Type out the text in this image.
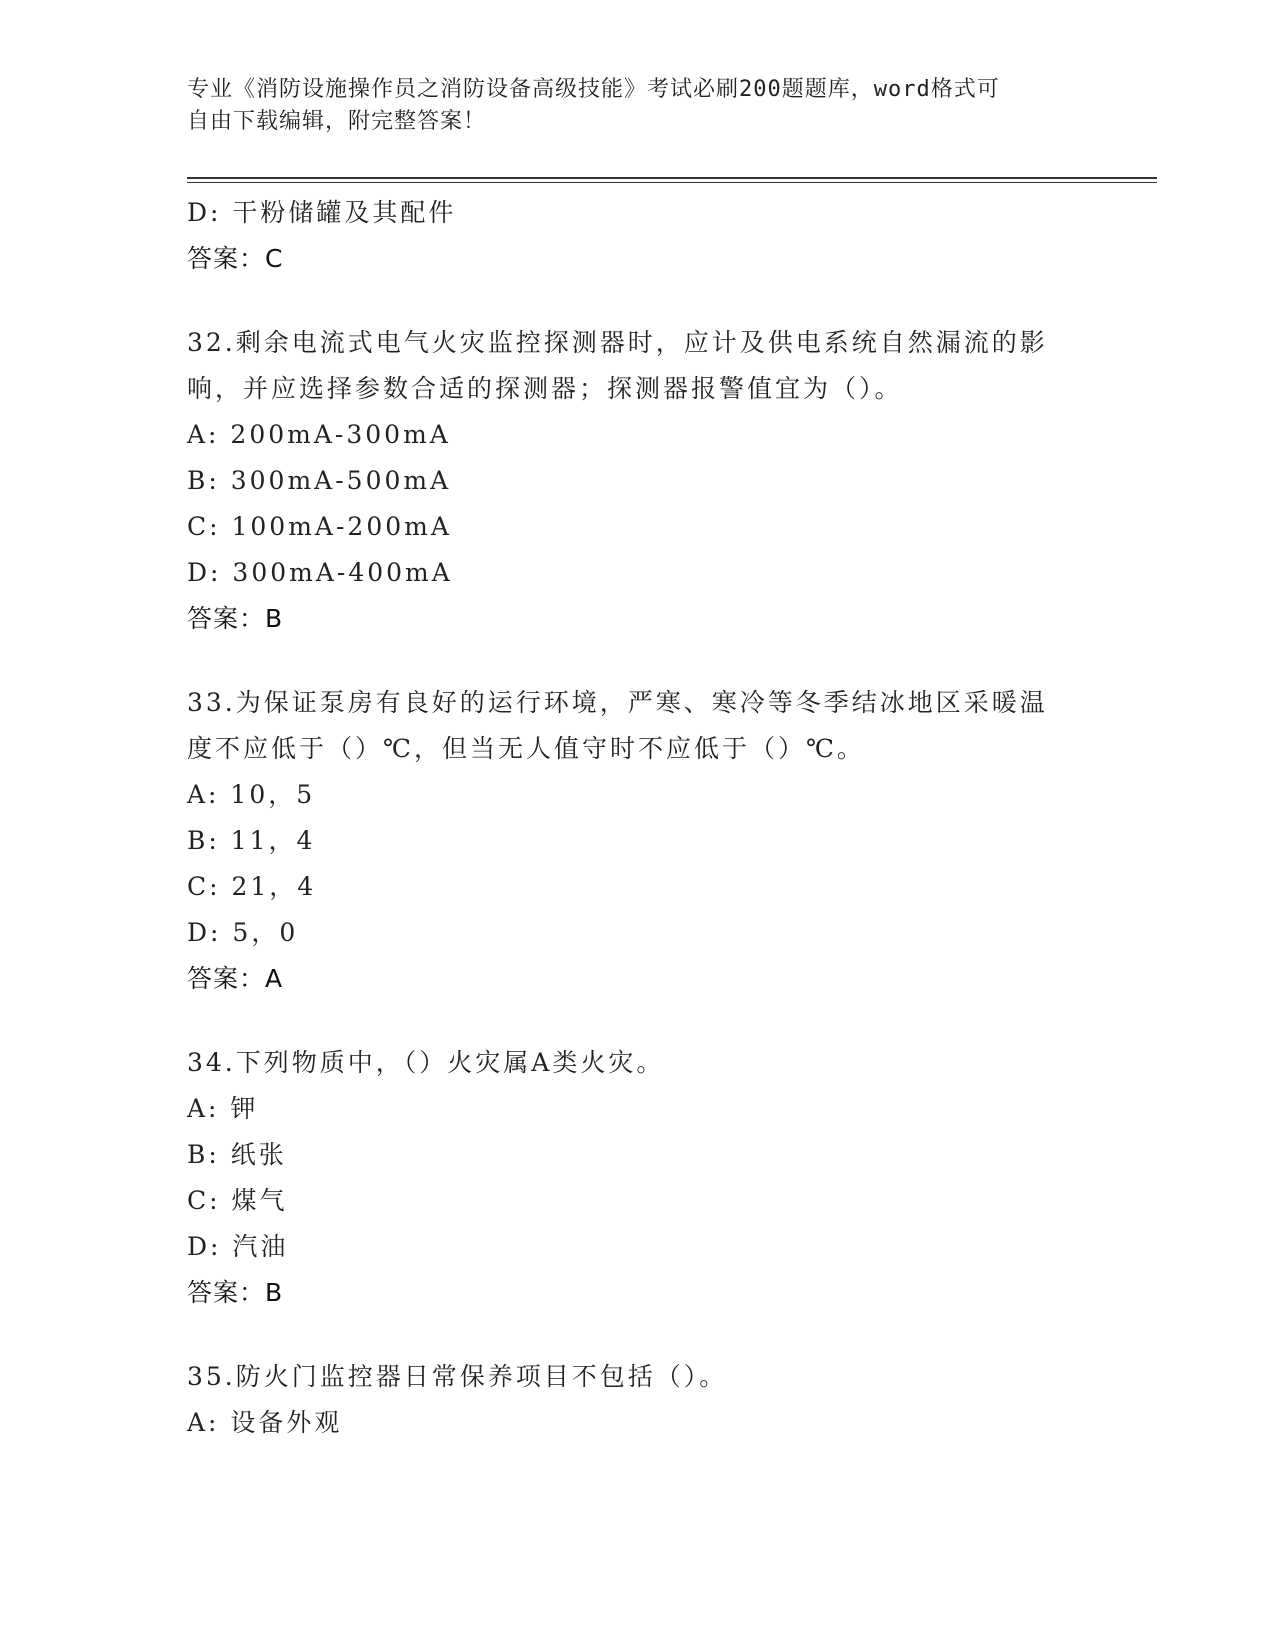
专业《消防设施操作员之消防设备高级技能》考试必刷200题题库，word格式可
自由下载编辑，附完整答案！
D: 干粉储罐及其配件
答案：C
32.剩余电流式电气火灾监控探测器时，应计及供电系统自然漏流的影
响，并应选择参数合适的探测器；探测器报警值宜为（）。
A: 200mA-300mA
B: 300mA-500mA
C: 100mA-200mA
D: 300mA-400mA
答案：B
33.为保证泵房有良好的运行环境，严寒、寒冷等冬季结冰地区采暖温
度不应低于（）℃，但当无人值守时不应低于（）℃。
A: 10，5
B: 11，4
C: 21，4
D: 5，0
答案：A
34.下列物质中，（）火灾属A类火灾。
A: 钾
B: 纸张
C: 煤气
D: 汽油
答案：B
35.防火门监控器日常保养项目不包括（）。
A: 设备外观
